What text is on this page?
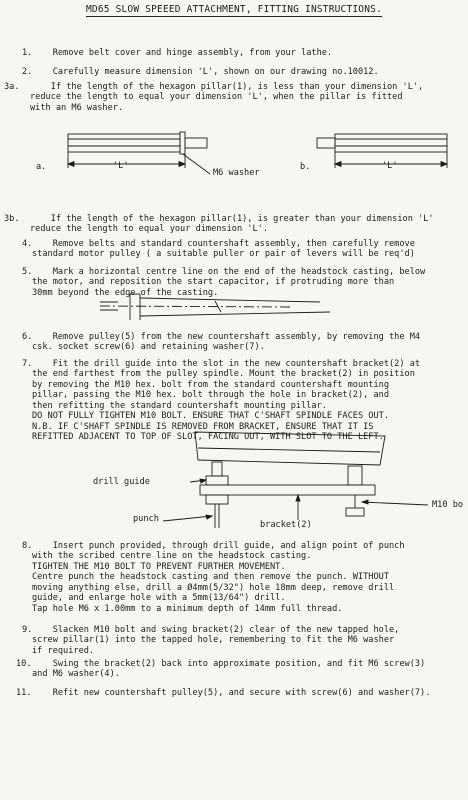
MD65 SLOW SPEEED ATTACHMENT, FITTING INSTRUCTIONS.

1. Remove belt cover and hinge assembly, from your lathe.

2. Carefully measure dimension 'L', shown on our drawing no.10012.

3a.	If the length of the hexagon pillar(1), is less than your dimension 'L',
reduce the length to equal your dimension 'L', when the pillar is fitted
with an M6 washer.

a.	'L'
M6 washer
b.	'L'

3b.	If the length of the hexagon pillar(1), is greater than your dimension 'L'
reduce the length to equal your dimension 'L'.

4. Remove belts and standard countershaft assembly, then carefully remove
standard motor pulley ( a suitable puller or pair of levers will be req'd)

5. Mark a horizontal centre line on the end of the headstock casting, below
the motor, and reposition the start capacitor, if protruding more than
30mm beyond the edge of the casting.

6. Remove pulley(5) from the new countershaft assembly, by removing the M4
csk. socket screw(6) and retaining washer(7).

7. Fit the drill guide into the slot in the new countershaft bracket(2) at
the end farthest from the pulley spindle. Mount the bracket(2) in position
by removing the M10 hex. bolt from the standard countershaft mounting
pillar, passing the M10 hex. bolt through the hole in bracket(2), and
then refitting the standard countershaft mounting pillar.
DO NOT FULLY TIGHTEN M10 BOLT. ENSURE THAT C'SHAFT SPINDLE FACES OUT.
N.B. IF C'SHAFT SPINDLE IS REMOVED FROM BRACKET, ENSURE THAT IT IS
REFITTED ADJACENT TO TOP OF SLOT, FACING OUT, WITH SLOT TO THE LEFT.

drill guide
punch
bracket(2)
M10 bo

8. Insert punch provided, through drill guide, and align point of punch
with the scribed centre line on the headstock casting.
TIGHTEN THE M10 BOLT TO PREVENT FURTHER MOVEMENT.
Centre punch the headstock casting and then remove the punch. WITHOUT
moving anything else, drill a Ø4mm(5/32") hole 18mm deep, remove drill
guide, and enlarge hole with a 5mm(13/64") drill.
Tap hole M6 x 1.00mm to a minimum depth of 14mm full thread.

9. Slacken M10 bolt and swing bracket(2) clear of the new tapped hole,
screw pillar(1) into the tapped hole, remembering to fit the M6 washer
if required.

10. Swing the bracket(2) back into approximate position, and fit M6 screw(3)
and M6 washer(4).

11. Refit new countershaft pulley(5), and secure with screw(6) and washer(7).
